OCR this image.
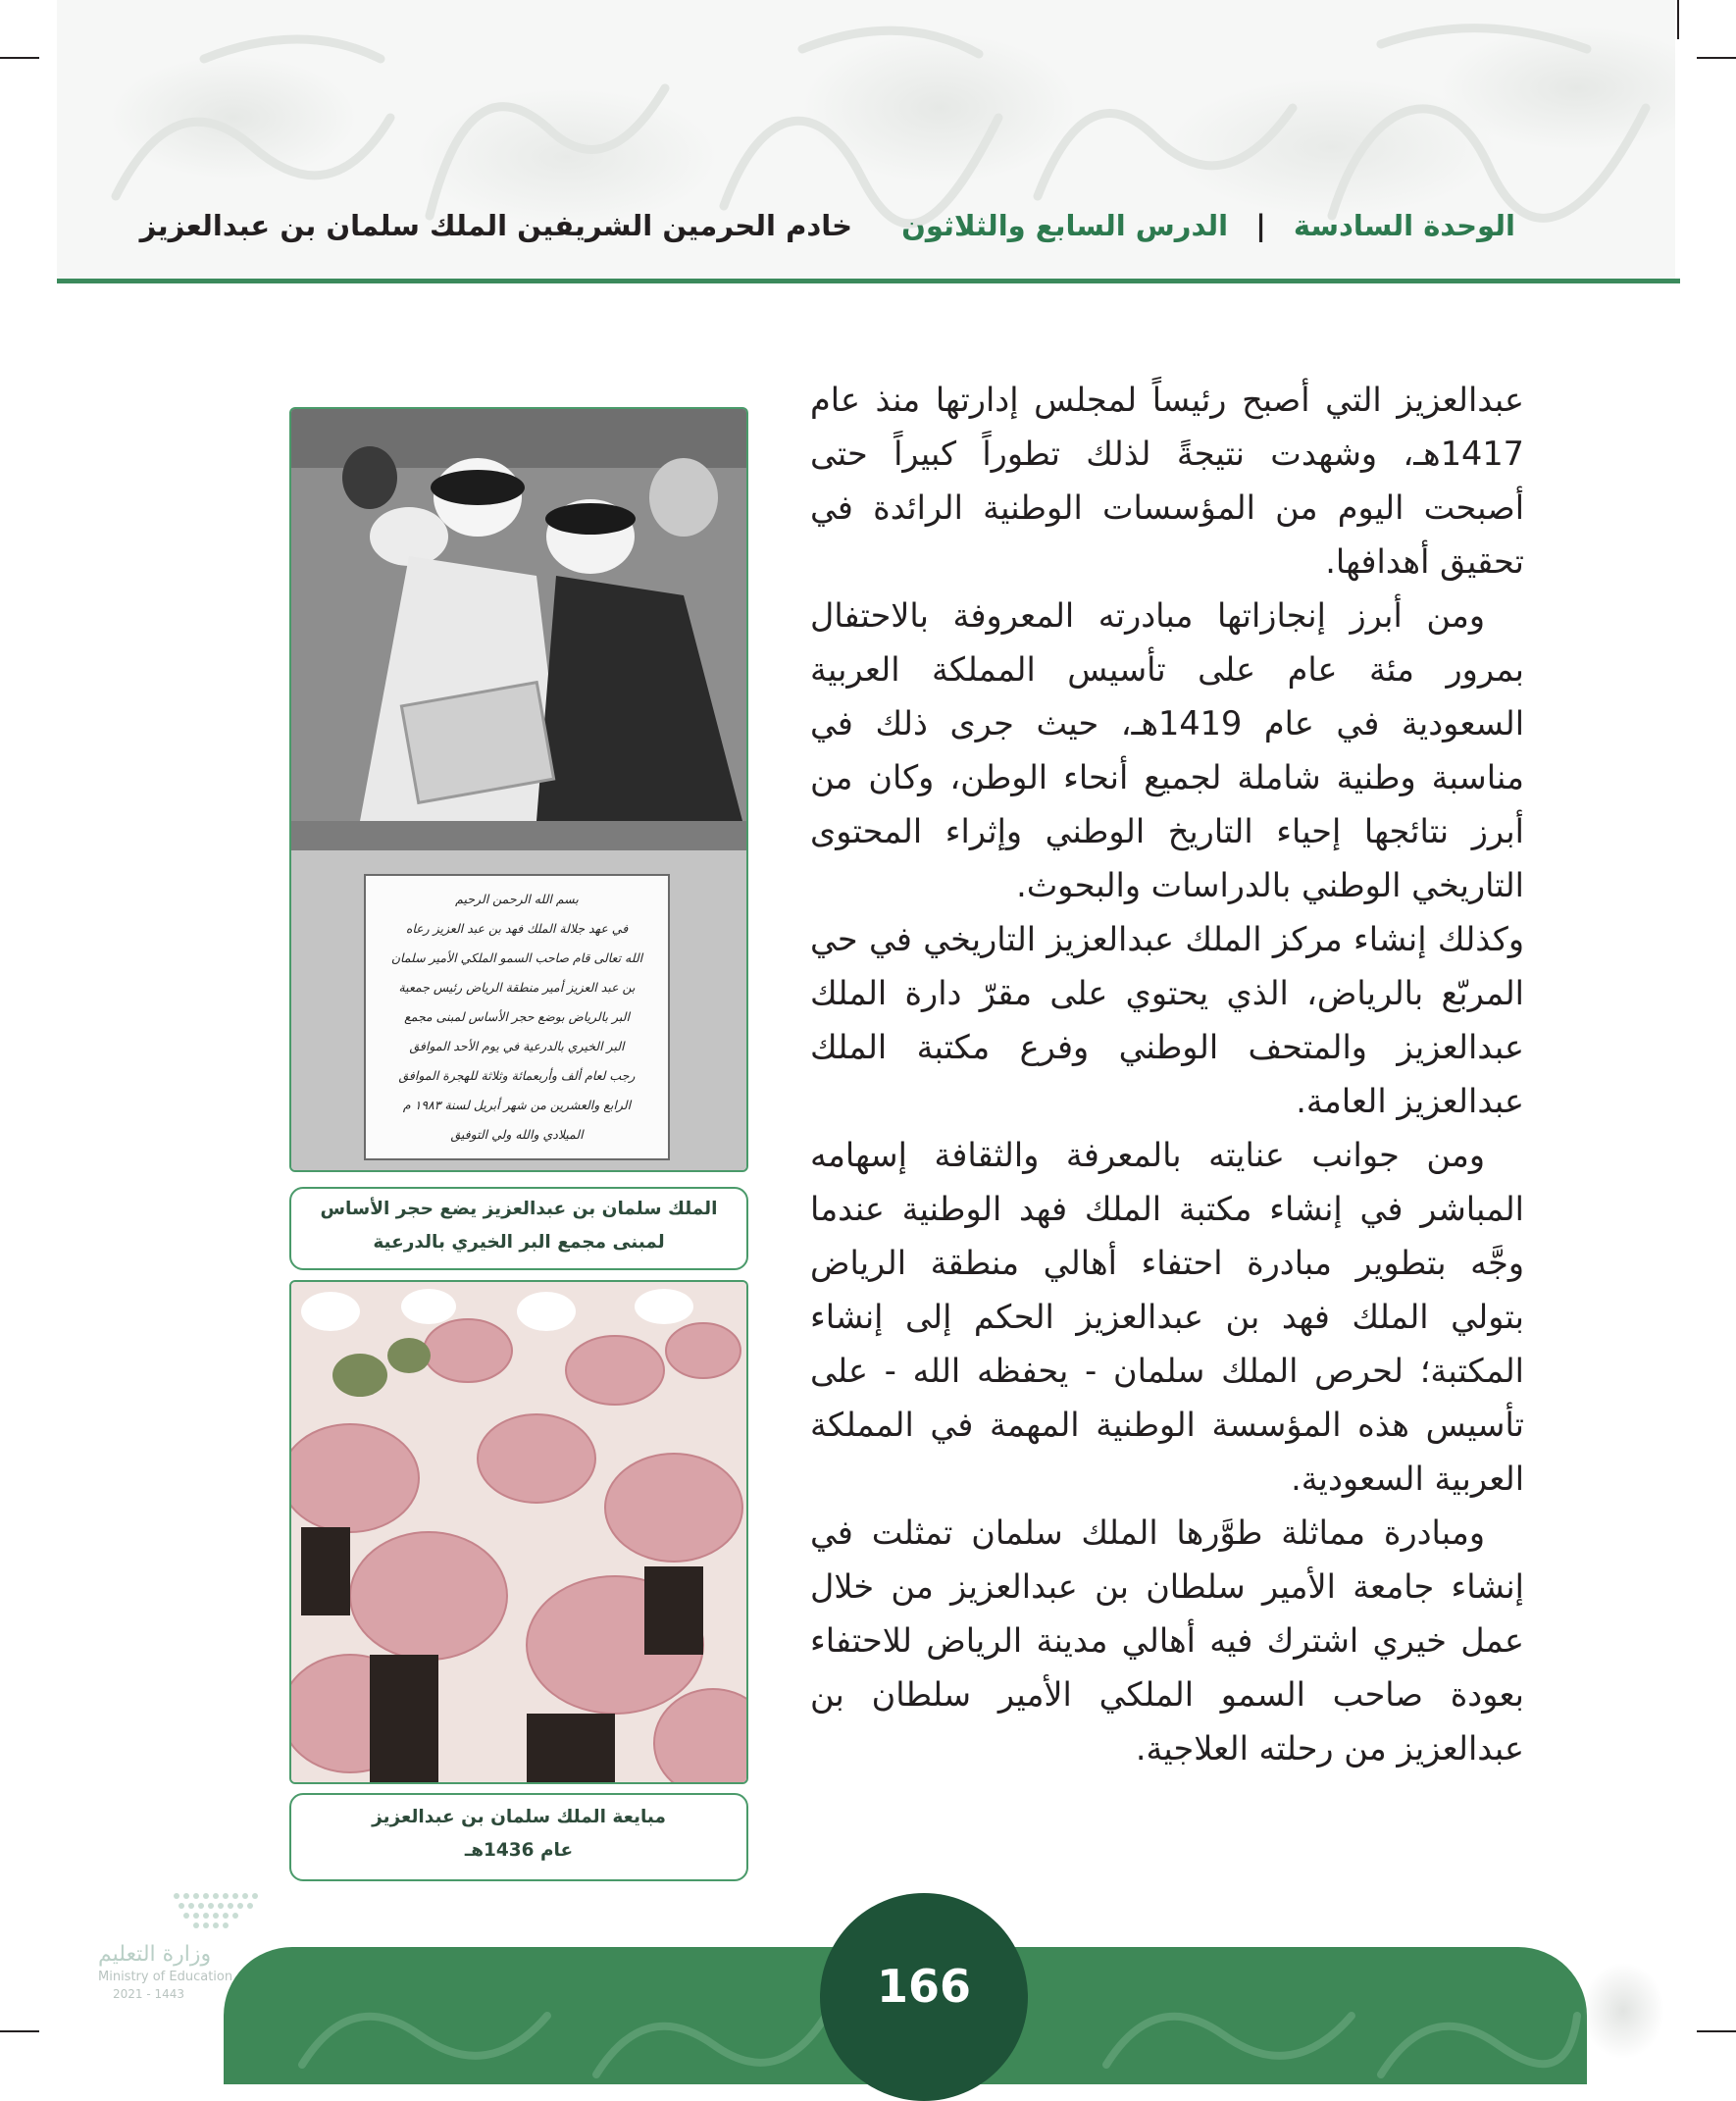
الوحدة السادسة | الدرس السابع والثلاثون خادم الحرمين الشريفين الملك سلمان بن عبدالعزيز

عبدالعزيز التي أصبح رئيساً لمجلس إدارتها منذ عام 1417هـ، وشهدت نتيجةً لذلك تطوراً كبيراً حتى أصبحت اليوم من المؤسسات الوطنية الرائدة في تحقيق أهدافها.

ومن أبرز إنجازاتها مبادرته المعروفة بالاحتفال بمرور مئة عام على تأسيس المملكة العربية السعودية في عام 1419هـ، حيث جرى ذلك في مناسبة وطنية شاملة لجميع أنحاء الوطن، وكان من أبرز نتائجها إحياء التاريخ الوطني وإثراء المحتوى التاريخي الوطني بالدراسات والبحوث.

وكذلك إنشاء مركز الملك عبدالعزيز التاريخي في حي المربّع بالرياض، الذي يحتوي على مقرّ دارة الملك عبدالعزيز والمتحف الوطني وفرع مكتبة الملك عبدالعزيز العامة.

ومن جوانب عنايته بالمعرفة والثقافة إسهامه المباشر في إنشاء مكتبة الملك فهد الوطنية عندما وجَّه بتطوير مبادرة احتفاء أهالي منطقة الرياض بتولي الملك فهد بن عبدالعزيز الحكم إلى إنشاء المكتبة؛ لحرص الملك سلمان - يحفظه الله - على تأسيس هذه المؤسسة الوطنية المهمة في المملكة العربية السعودية.

ومبادرة مماثلة طوَّرها الملك سلمان تمثلت في إنشاء جامعة الأمير سلطان بن عبدالعزيز من خلال عمل خيري اشترك فيه أهالي مدينة الرياض للاحتفاء بعودة صاحب السمو الملكي الأمير سلطان بن عبدالعزيز من رحلته العلاجية.

بسم الله الرحمن الرحيم
في عهد جلالة الملك فهد بن عبد العزيز رعاه
الله تعالى قام صاحب السمو الملكي الأمير سلمان
بن عبد العزيز أمير منطقة الرياض رئيس جمعية
البر بالرياض بوضع حجر الأساس لمبنى مجمع
البر الخيري بالدرعية في يوم الأحد الموافق
رجب لعام ألف وأربعمائة وثلاثة للهجرة الموافق
الرابع والعشرين من شهر أبريل لسنة ١٩٨٣ م
الميلادي والله ولي التوفيق
الملك سلمان بن عبدالعزيز يضع حجر الأساس
لمبنى مجمع البر الخيري بالدرعية
مبايعة الملك سلمان بن عبدالعزيز
عام 1436هـ
166
وزارة التعليم
Ministry of Education
2021 - 1443
